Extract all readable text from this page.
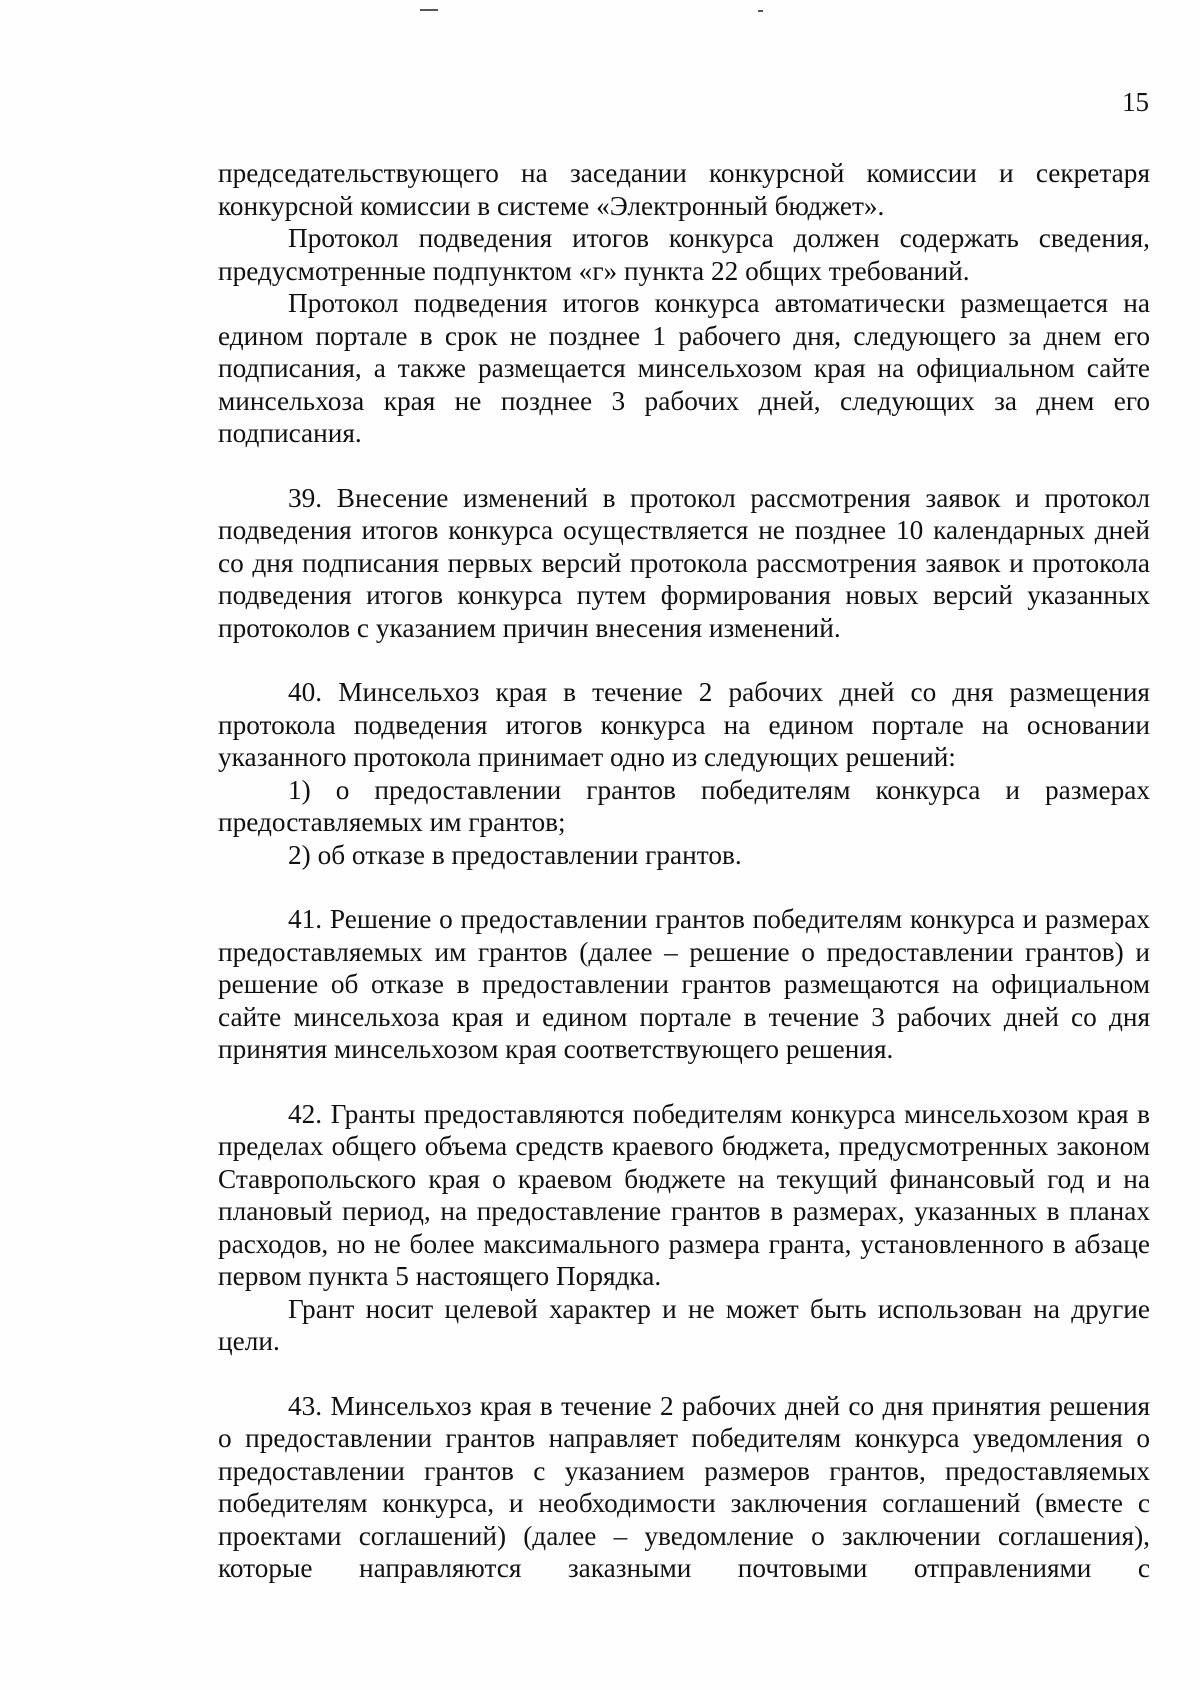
15

председательствующего на заседании конкурсной комиссии и секретаря конкурсной комиссии в системе «Электронный бюджет».

Протокол подведения итогов конкурса должен содержать сведения, предусмотренные подпунктом «г» пункта 22 общих требований.

Протокол подведения итогов конкурса автоматически размещается на едином портале в срок не позднее 1 рабочего дня, следующего за днем его подписания, а также размещается минсельхозом края на официальном сайте минсельхоза края не позднее 3 рабочих дней, следующих за днем его подписания.

39. Внесение изменений в протокол рассмотрения заявок и протокол подведения итогов конкурса осуществляется не позднее 10 календарных дней со дня подписания первых версий протокола рассмотрения заявок и протокола подведения итогов конкурса путем формирования новых версий указанных протоколов с указанием причин внесения изменений.

40. Минсельхоз края в течение 2 рабочих дней со дня размещения протокола подведения итогов конкурса на едином портале на основании указанного протокола принимает одно из следующих решений:

1) о предоставлении грантов победителям конкурса и размерах предоставляемых им грантов;

2) об отказе в предоставлении грантов.

41. Решение о предоставлении грантов победителям конкурса и размерах предоставляемых им грантов (далее – решение о предоставлении грантов) и решение об отказе в предоставлении грантов размещаются на официальном сайте минсельхоза края и едином портале в течение 3 рабочих дней со дня принятия минсельхозом края соответствующего решения.

42. Гранты предоставляются победителям конкурса минсельхозом края в пределах общего объема средств краевого бюджета, предусмотренных законом Ставропольского края о краевом бюджете на текущий финансовый год и на плановый период, на предоставление грантов в размерах, указанных в планах расходов, но не более максимального размера гранта, установленного в абзаце первом пункта 5 настоящего Порядка.

Грант носит целевой характер и не может быть использован на другие цели.

43. Минсельхоз края в течение 2 рабочих дней со дня принятия решения о предоставлении грантов направляет победителям конкурса уведомления о предоставлении грантов с указанием размеров грантов, предоставляемых победителям конкурса, и необходимости заключения соглашений (вместе с проектами соглашений) (далее – уведомление о заключении соглашения), которые направляются заказными почтовыми отправлениями с
